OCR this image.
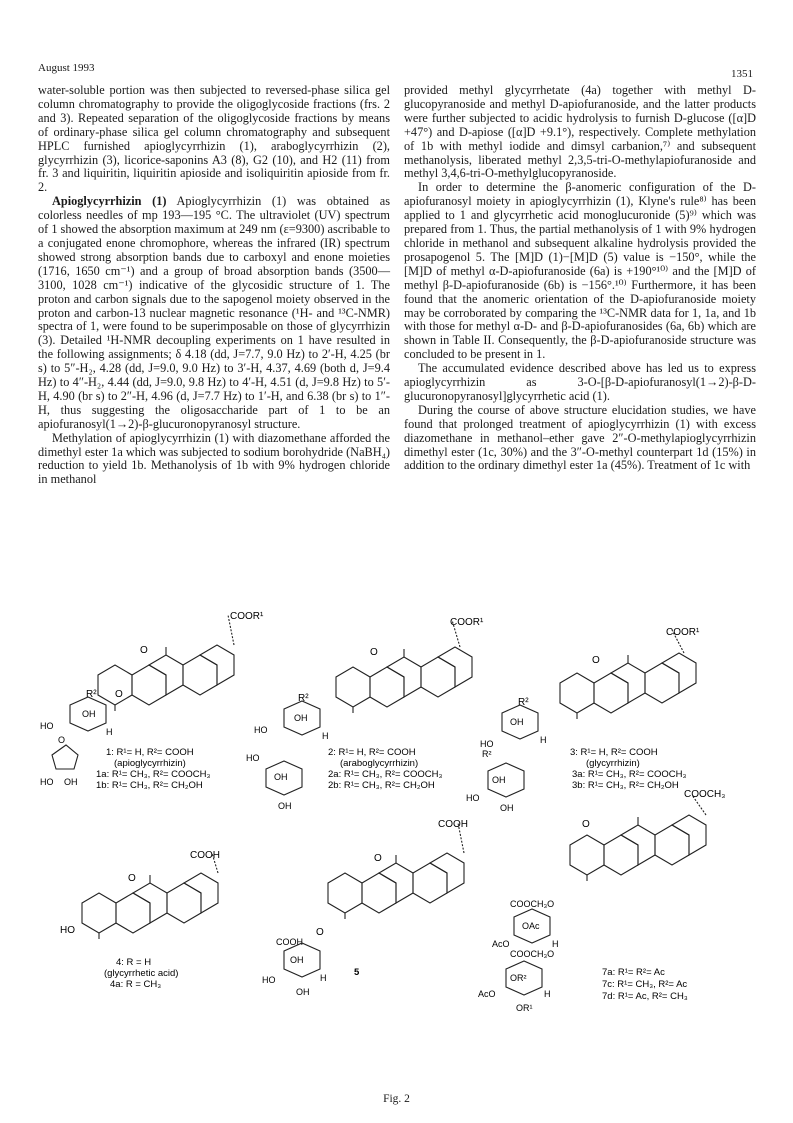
August 1993	1351

water-soluble portion was then subjected to reversed-phase silica gel column chromatography to provide the oligoglycoside fractions (frs. 2 and 3). Repeated separation of the oligoglycoside fractions by means of ordinary-phase silica gel column chromatography and subsequent HPLC furnished apioglycyrrhizin (1), araboglycyrrhizin (2), glycyrrhizin (3), licorice-saponins A3 (8), G2 (10), and H2 (11) from fr. 3 and liquiritin, liquiritin apioside and isoliquiritin apioside from fr. 2.

Apioglycyrrhizin (1) Apioglycyrrhizin (1) was obtained as colorless needles of mp 193—195 °C. The ultraviolet (UV) spectrum of 1 showed the absorption maximum at 249 nm (ε=9300) ascribable to a conjugated enone chromophore, whereas the infrared (IR) spectrum showed strong absorption bands due to carboxyl and enone moieties (1716, 1650 cm⁻¹) and a group of broad absorption bands (3500—3100, 1028 cm⁻¹) indicative of the glycosidic structure of 1. The proton and carbon signals due to the sapogenol moiety observed in the proton and carbon-13 nuclear magnetic resonance (¹H- and ¹³C-NMR) spectra of 1, were found to be superimposable on those of glycyrrhizin (3). Detailed ¹H-NMR decoupling experiments on 1 have resulted in the following assignments; δ 4.18 (dd, J=7.7, 9.0 Hz) to 2′-H, 4.25 (br s) to 5″-H₂, 4.28 (dd, J=9.0, 9.0 Hz) to 3′-H, 4.37, 4.69 (both d, J=9.4 Hz) to 4″-H₂, 4.44 (dd, J=9.0, 9.8 Hz) to 4′-H, 4.51 (d, J=9.8 Hz) to 5′-H, 4.90 (br s) to 2″-H, 4.96 (d, J=7.7 Hz) to 1′-H, and 6.38 (br s) to 1″-H, thus suggesting the oligosaccharide part of 1 to be an apiofuranosyl(1→2)-β-glucuronopyranosyl structure.

Methylation of apioglycyrrhizin (1) with diazomethane afforded the dimethyl ester 1a which was subjected to sodium borohydride (NaBH₄) reduction to yield 1b. Methanolysis of 1b with 9% hydrogen chloride in methanol

provided methyl glycyrrhetate (4a) together with methyl D-glucopyranoside and methyl D-apiofuranoside, and the latter products were further subjected to acidic hydrolysis to furnish D-glucose ([α]D +47°) and D-apiose ([α]D +9.1°), respectively. Complete methylation of 1b with methyl iodide and dimsyl carbanion,⁷⁾ and subsequent methanolysis, liberated methyl 2,3,5-tri-O-methylapiofuranoside and methyl 3,4,6-tri-O-methylglucopyranoside.

In order to determine the β-anomeric configuration of the D-apiofuranosyl moiety in apioglycyrrhizin (1), Klyne's rule⁸⁾ has been applied to 1 and glycyrrhetic acid monoglucuronide (5)⁹⁾ which was prepared from 1. Thus, the partial methanolysis of 1 with 9% hydrogen chloride in methanol and subsequent alkaline hydrolysis provided the prosapogenol 5. The [M]D (1)−[M]D (5) value is −150°, while the [M]D of methyl α-D-apiofuranoside (6a) is +190°¹⁰⁾ and the [M]D of methyl β-D-apiofuranoside (6b) is −156°.¹⁰⁾ Furthermore, it has been found that the anomeric orientation of the D-apiofuranoside moiety may be corroborated by comparing the ¹³C-NMR data for 1, 1a, and 1b with those for methyl α-D- and β-D-apiofuranosides (6a, 6b) which are shown in Table II. Consequently, the β-D-apiofuranoside structure was concluded to be present in 1.

The accumulated evidence described above has led us to express apioglycyrrhizin as 3-O-[β-D-apiofuranosyl(1→2)-β-D-glucuronopyranosyl]glycyrrhetic acid (1).

During the course of above structure elucidation studies, we have found that prolonged treatment of apioglycyrrhizin (1) with excess diazomethane in methanol–ether gave 2″-O-methylapioglycyrrhizin dimethyl ester (1c, 30%) and the 3″-O-methyl counterpart 1d (15%) in addition to the ordinary dimethyl ester 1a (45%). Treatment of 1c with

COOR¹
O
R² O
OH
HO
H
O
HO OH
1: R¹= H, R²= COOH
(apioglycyrrhizin)
1a: R¹= CH₃, R²= COOCH₃
1b: R¹= CH₃, R²= CH₂OH
COOR¹
O
R²
OH
HO
H
HO
OH
OH
2: R¹= H, R²= COOH
(araboglycyrrhizin)
2a: R¹= CH₃, R²= COOCH₃
2b: R¹= CH₃, R²= CH₂OH
COOR¹
O
R²
OH
HO
R²
H
OH
HO
OH
3: R¹= H, R²= COOH
(glycyrrhizin)
3a: R¹= CH₃, R²= COOCH₃
3b: R¹= CH₃, R²= CH₂OH
COOH
O
HO
4: R = H
(glycyrrhetic acid)
4a: R = CH₃
COOH
O
COOH
O
OH
HO	H
OH
5
COOCH₃
O
COOCH₃O
OAc
AcO	H
COOCH₃O
OR²
AcO	H
OR¹
7a: R¹= R²= Ac
7c: R¹= CH₃, R²= Ac
7d: R¹= Ac, R²= CH₃
Fig. 2
